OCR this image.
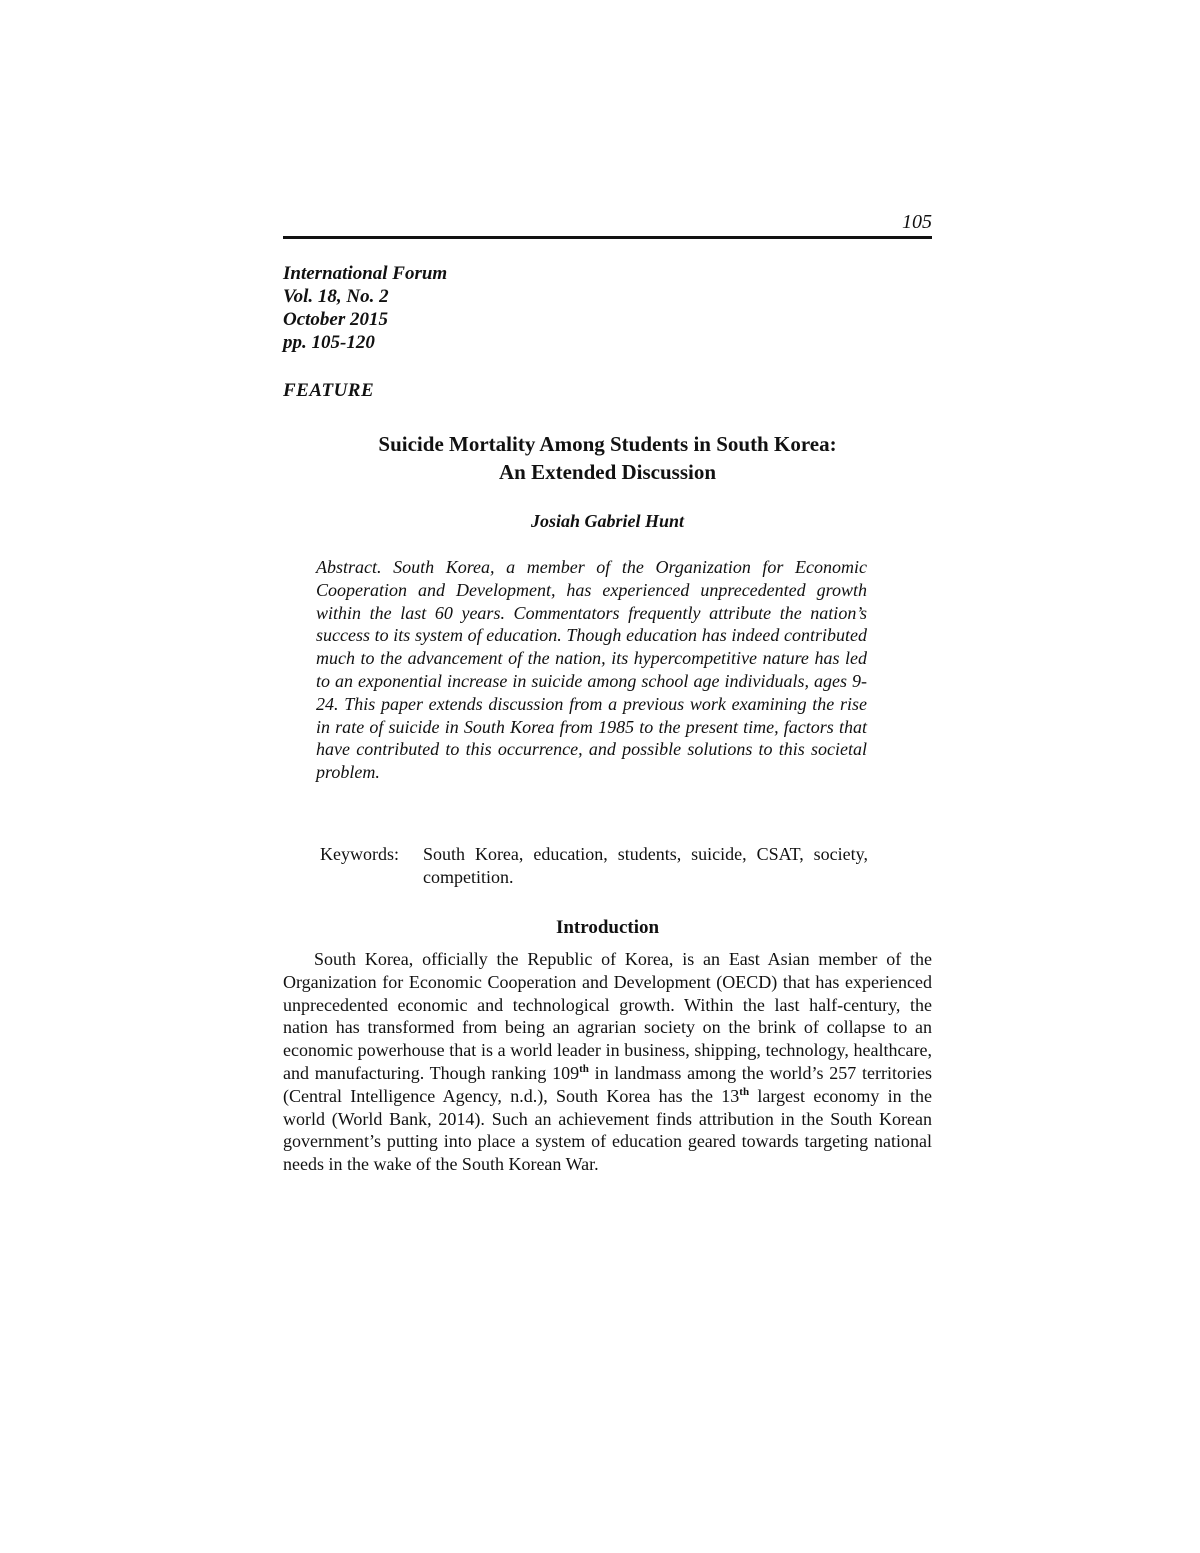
105
International Forum
Vol. 18, No. 2
October 2015
pp. 105-120
FEATURE
Suicide Mortality Among Students in South Korea:
An Extended Discussion
Josiah Gabriel Hunt
Abstract. South Korea, a member of the Organization for Economic Cooperation and Development, has experienced unprecedented growth within the last 60 years. Commentators frequently attribute the nation’s success to its system of education. Though education has indeed contributed much to the advancement of the nation, its hypercompetitive nature has led to an exponential increase in suicide among school age individuals, ages 9-24. This paper extends discussion from a previous work examining the rise in rate of suicide in South Korea from 1985 to the present time, factors that have contributed to this occurrence, and possible solutions to this societal problem.
Keywords:	South Korea, education, students, suicide, CSAT, society, competition.
Introduction

South Korea, officially the Republic of Korea, is an East Asian member of the Organization for Economic Cooperation and Development (OECD) that has experienced unprecedented economic and technological growth. Within the last half-century, the nation has transformed from being an agrarian society on the brink of collapse to an economic powerhouse that is a world leader in business, shipping, technology, healthcare, and manufacturing. Though ranking 109th in landmass among the world’s 257 territories (Central Intelligence Agency, n.d.), South Korea has the 13th largest economy in the world (World Bank, 2014). Such an achievement finds attribution in the South Korean government’s putting into place a system of education geared towards targeting national needs in the wake of the South Korean War.
